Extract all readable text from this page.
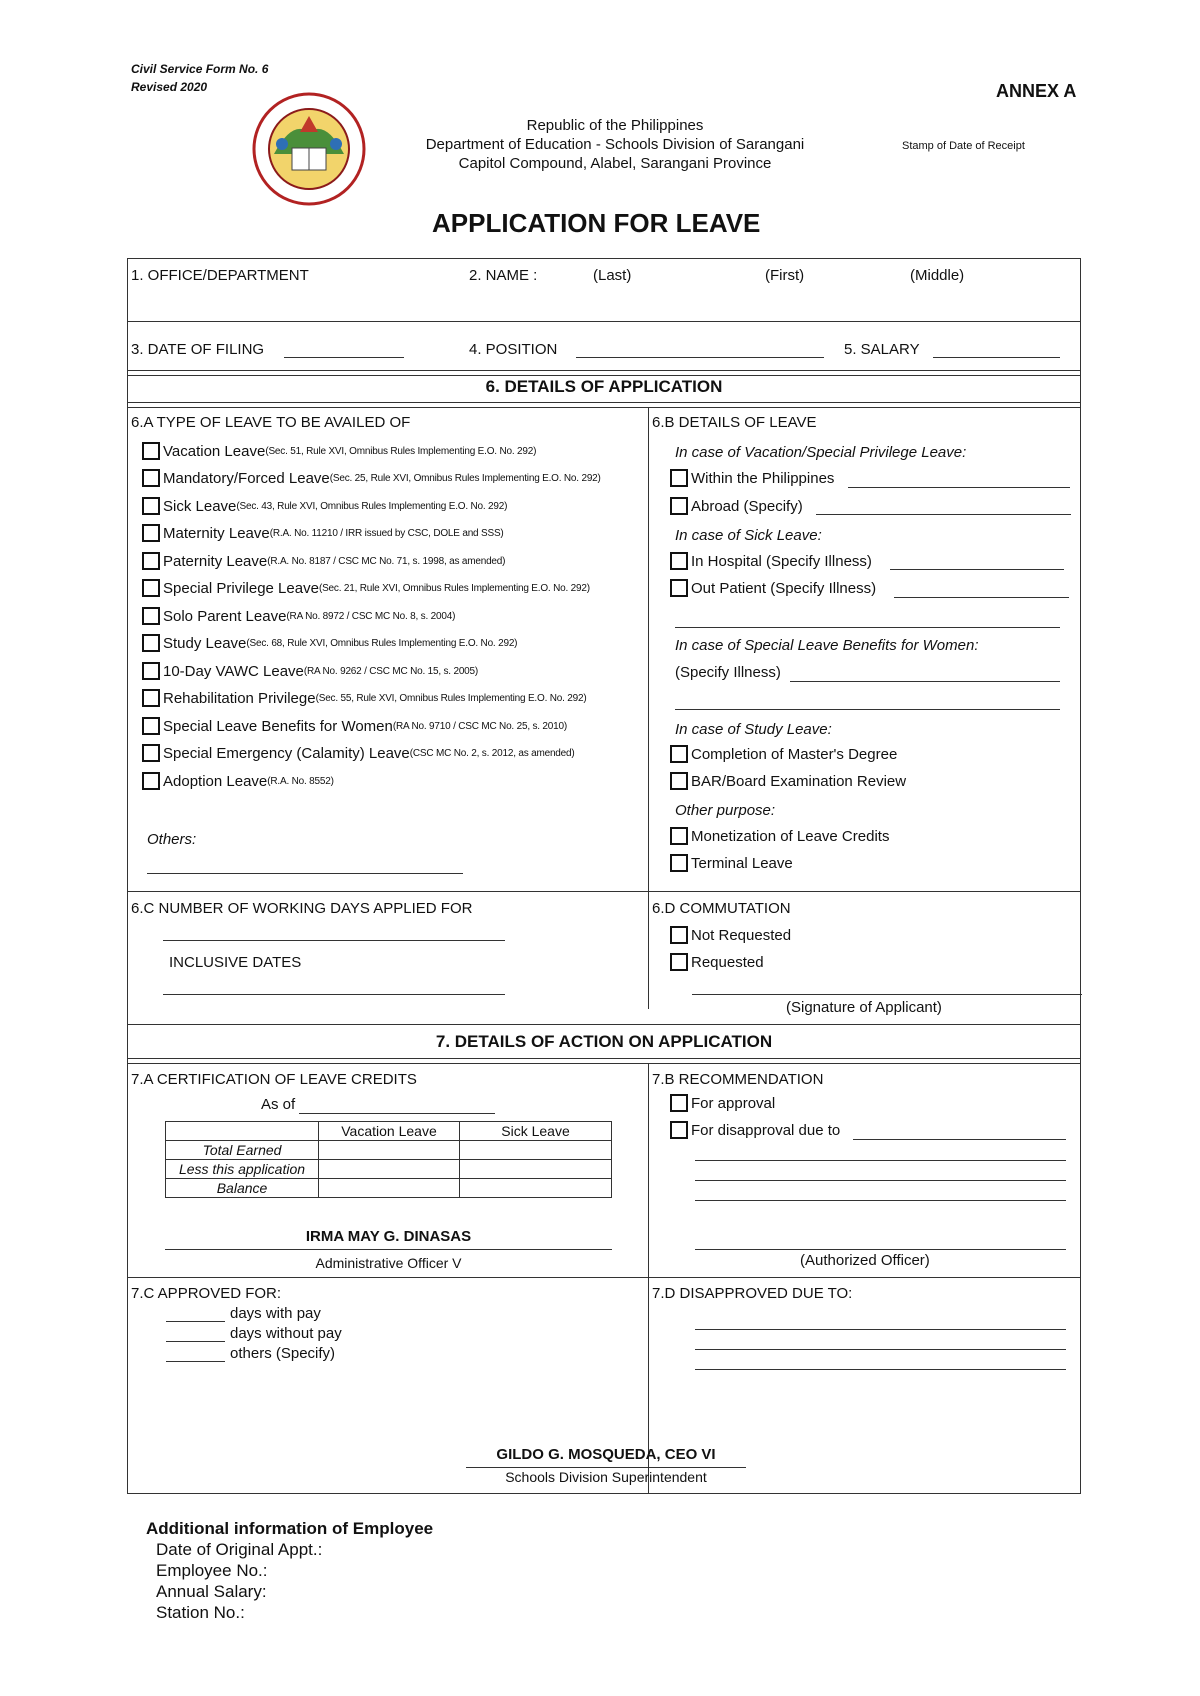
Civil Service Form No. 6
Revised 2020	ANNEX A
Republic of the Philippines
Department of Education - Schools Division of Sarangani
Capitol Compound, Alabel, Sarangani Province
Stamp of Date of Receipt
APPLICATION FOR LEAVE
1. OFFICE/DEPARTMENT	2. NAME :	(Last)	(First)	(Middle)
3. DATE OF FILING	4. POSITION	5. SALARY
6. DETAILS OF APPLICATION
6.A TYPE OF LEAVE TO BE AVAILED OF
Vacation Leave (Sec. 51, Rule XVI, Omnibus Rules Implementing E.O. No. 292)
Mandatory/Forced Leave (Sec. 25, Rule XVI, Omnibus Rules Implementing E.O. No. 292)
Sick Leave (Sec. 43, Rule XVI, Omnibus Rules Implementing E.O. No. 292)
Maternity Leave (R.A. No. 11210 / IRR issued by CSC, DOLE and SSS)
Paternity Leave (R.A. No. 8187 / CSC MC No. 71, s. 1998, as amended)
Special Privilege Leave (Sec. 21, Rule XVI, Omnibus Rules Implementing E.O. No. 292)
Solo Parent Leave (RA No. 8972 / CSC MC No. 8, s. 2004)
Study Leave (Sec. 68, Rule XVI, Omnibus Rules Implementing E.O. No. 292)
10-Day VAWC Leave (RA No. 9262 / CSC MC No. 15, s. 2005)
Rehabilitation Privilege (Sec. 55, Rule XVI, Omnibus Rules Implementing E.O. No. 292)
Special Leave Benefits for Women (RA No. 9710 / CSC MC No. 25, s. 2010)
Special Emergency (Calamity) Leave (CSC MC No. 2, s. 2012, as amended)
Adoption Leave (R.A. No. 8552)
Others:
6.B DETAILS OF LEAVE
In case of Vacation/Special Privilege Leave:
Within the Philippines
Abroad (Specify)
In case of Sick Leave:
In Hospital (Specify Illness)
Out Patient (Specify Illness)
In case of Special Leave Benefits for Women:
(Specify Illness)
In case of Study Leave:
Completion of Master's Degree
BAR/Board Examination Review
Other purpose:
Monetization of Leave Credits
Terminal Leave
6.C NUMBER OF WORKING DAYS APPLIED FOR
INCLUSIVE DATES
6.D COMMUTATION
Not Requested
Requested
(Signature of Applicant)
7. DETAILS OF ACTION ON APPLICATION
7.A CERTIFICATION OF LEAVE CREDITS
As of
	Vacation Leave	Sick Leave
Total Earned		
Less this application		
Balance		
IRMA MAY G. DINASAS
Administrative Officer V
7.B RECOMMENDATION
For approval
For disapproval due to
(Authorized Officer)
7.C APPROVED FOR:
days with pay
days without pay
others (Specify)
7.D DISAPPROVED DUE TO:
GILDO G. MOSQUEDA, CEO VI
Schools Division Superintendent
Additional information of Employee
Date of Original Appt.:
Employee No.:
Annual Salary:
Station No.:
